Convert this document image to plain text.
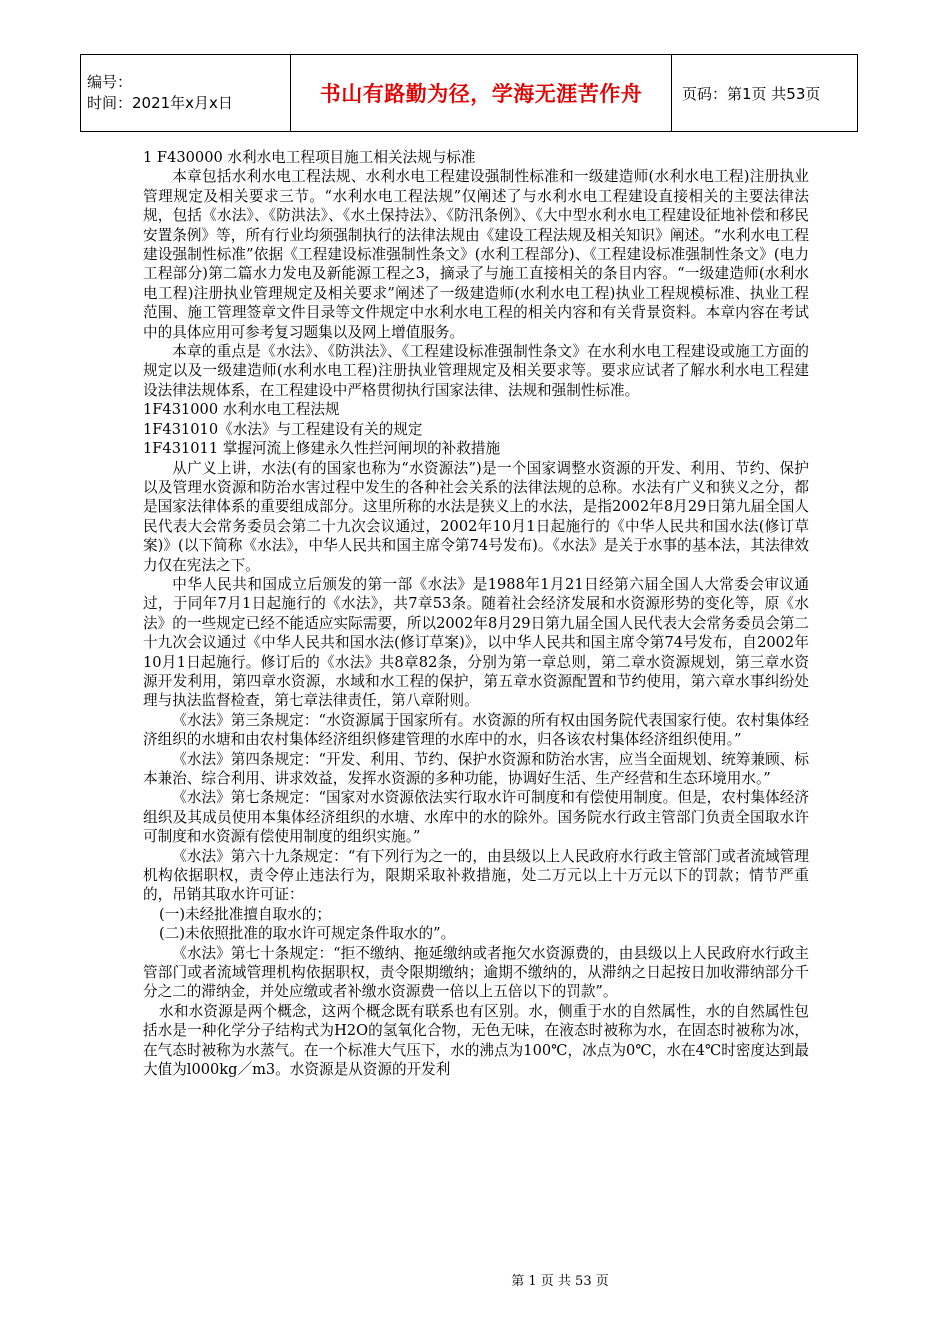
编号：
时间：2021年x月x日	书山有路勤为径，学海无涯苦作舟	页码：第1页 共53页

1 F430000 水利水电工程项目施工相关法规与标准

本章包括水利水电工程法规、水利水电工程建设强制性标准和一级建造师(水利水电工程)注册执业管理规定及相关要求三节。“水利水电工程法规”仅阐述了与水利水电工程建设直接相关的主要法律法规，包括《水法》、《防洪法》、《水土保持法》、《防汛条例》、《大中型水利水电工程建设征地补偿和移民安置条例》等，所有行业均须强制执行的法律法规由《建设工程法规及相关知识》阐述。“水利水电工程建设强制性标准”依据《工程建设标准强制性条文》(水利工程部分)、《工程建设标准强制性条文》(电力工程部分)第二篇水力发电及新能源工程之3，摘录了与施工直接相关的条目内容。“一级建造师(水利水电工程)注册执业管理规定及相关要求”阐述了一级建造师(水利水电工程)执业工程规模标准、执业工程范围、施工管理签章文件目录等文件规定中水利水电工程的相关内容和有关背景资料。本章内容在考试中的具体应用可参考复习题集以及网上增值服务。

本章的重点是《水法》、《防洪法》、《工程建设标准强制性条文》在水利水电工程建设或施工方面的规定以及一级建造师(水利水电工程)注册执业管理规定及相关要求等。要求应试者了解水利水电工程建设法律法规体系，在工程建设中严格贯彻执行国家法律、法规和强制性标准。

1F431000 水利水电工程法规

1F431010《水法》与工程建设有关的规定

1F431011 掌握河流上修建永久性拦河闸坝的补救措施

从广义上讲，水法(有的国家也称为“水资源法”)是一个国家调整水资源的开发、利用、节约、保护以及管理水资源和防治水害过程中发生的各种社会关系的法律法规的总称。水法有广义和狭义之分，都是国家法律体系的重要组成部分。这里所称的水法是狭义上的水法，是指2002年8月29日第九届全国人民代表大会常务委员会第二十九次会议通过，2002年10月1日起施行的《中华人民共和国水法(修订草案)》(以下简称《水法》，中华人民共和国主席令第74号发布)。《水法》是关于水事的基本法，其法律效力仅在宪法之下。

中华人民共和国成立后颁发的第一部《水法》是1988年1月21日经第六届全国人大常委会审议通过，于同年7月1日起施行的《水法》，共7章53条。随着社会经济发展和水资源形势的变化等，原《水法》的一些规定已经不能适应实际需要，所以2002年8月29日第九届全国人民代表大会常务委员会第二十九次会议通过《中华人民共和国水法(修订草案)》，以中华人民共和国主席令第74号发布，自2002年10月1日起施行。修订后的《水法》共8章82条，分别为第一章总则，第二章水资源规划，第三章水资源开发利用，第四章水资源，水域和水工程的保护，第五章水资源配置和节约使用，第六章水事纠纷处理与执法监督检查，第七章法律责任，第八章附则。

《水法》第三条规定：“水资源属于国家所有。水资源的所有权由国务院代表国家行使。农村集体经济组织的水塘和由农村集体经济组织修建管理的水库中的水，归各该农村集体经济组织使用。”

《水法》第四条规定：“开发、利用、节约、保护水资源和防治水害，应当全面规划、统筹兼顾、标本兼治、综合利用、讲求效益，发挥水资源的多种功能，协调好生活、生产经营和生态环境用水。”

《水法》第七条规定：“国家对水资源依法实行取水许可制度和有偿使用制度。但是，农村集体经济组织及其成员使用本集体经济组织的水塘、水库中的水的除外。国务院水行政主管部门负责全国取水许可制度和水资源有偿使用制度的组织实施。”

《水法》第六十九条规定：“有下列行为之一的，由县级以上人民政府水行政主管部门或者流域管理机构依据职权，责令停止违法行为，限期采取补救措施，处二万元以上十万元以下的罚款；情节严重的，吊销其取水许可证：

(一)未经批准擅自取水的；

(二)未依照批准的取水许可规定条件取水的”。

《水法》第七十条规定：“拒不缴纳、拖延缴纳或者拖欠水资源费的，由县级以上人民政府水行政主管部门或者流域管理机构依据职权，责令限期缴纳；逾期不缴纳的，从滞纳之日起按日加收滞纳部分千分之二的滞纳金，并处应缴或者补缴水资源费一倍以上五倍以下的罚款”。

水和水资源是两个概念，这两个概念既有联系也有区别。水，侧重于水的自然属性，水的自然属性包括水是一种化学分子结构式为H2O的氢氧化合物，无色无味，在液态时被称为水，在固态时被称为冰，在气态时被称为水蒸气。在一个标准大气压下，水的沸点为100℃，冰点为0℃，水在4℃时密度达到最大值为l000kg／m3。水资源是从资源的开发利

第 1 页 共 53 页
